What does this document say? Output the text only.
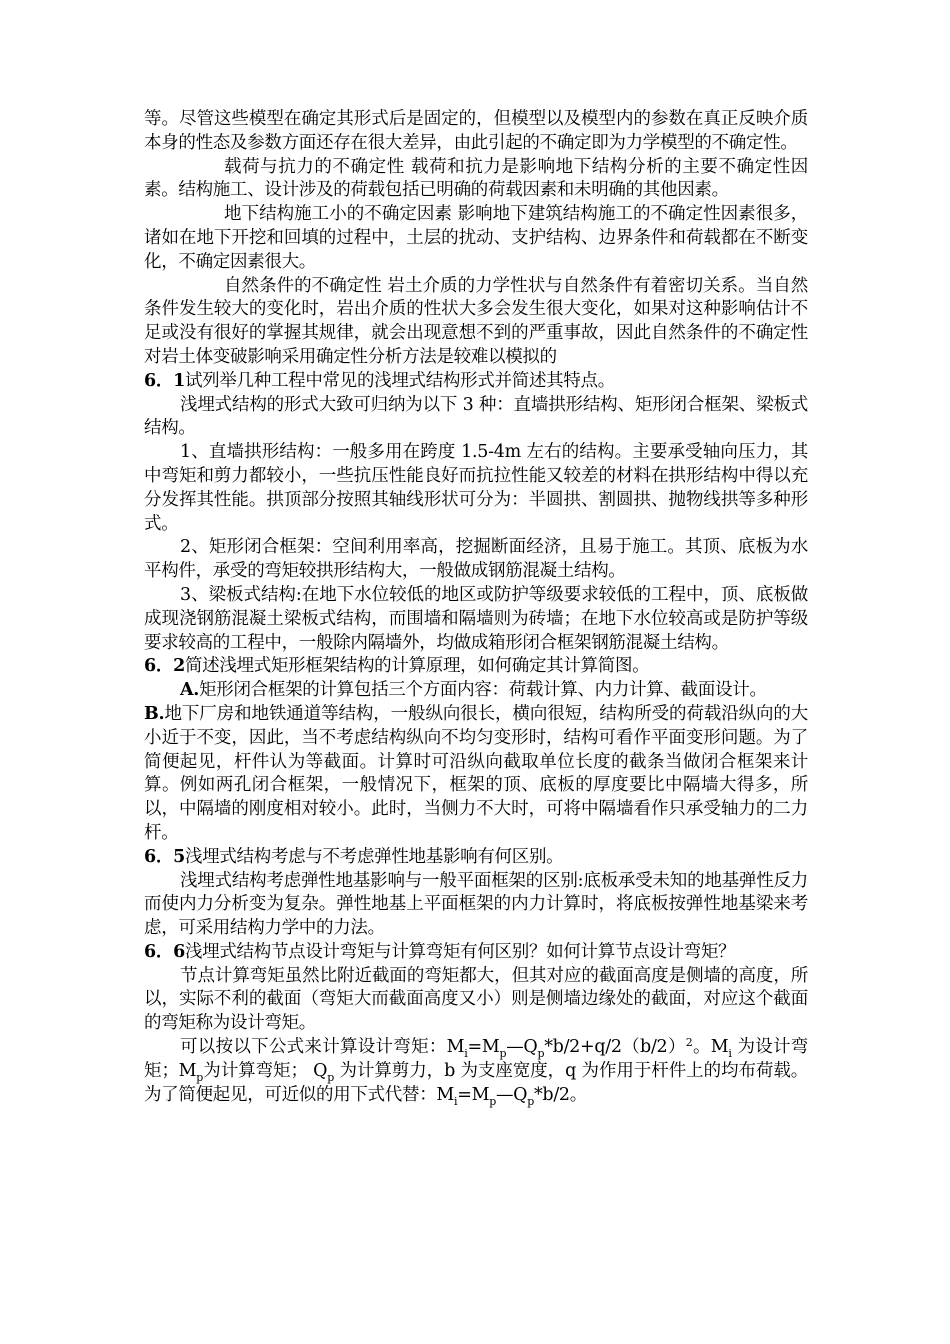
等。尽管这些模型在确定其形式后是固定的，但模型以及模型内的参数在真正反映介质本身的性态及参数方面还存在很大差异，由此引起的不确定即为力学模型的不确定性。

载荷与抗力的不确定性 载荷和抗力是影响地下结构分析的主要不确定性因素。结构施工、设计涉及的荷载包括已明确的荷载因素和未明确的其他因素。

地下结构施工小的不确定因素 影响地下建筑结构施工的不确定性因素很多，诸如在地下开挖和回填的过程中，土层的扰动、支护结构、边界条件和荷载都在不断变化，不确定因素很大。

自然条件的不确定性 岩土介质的力学性状与自然条件有着密切关系。当自然条件发生较大的变化时，岩出介质的性状大多会发生很大变化，如果对这种影响估计不足或没有很好的掌握其规律，就会出现意想不到的严重事故，因此自然条件的不确定性对岩土体变破影响采用确定性分析方法是较难以模拟的

6．1试列举几种工程中常见的浅埋式结构形式并简述其特点。

浅埋式结构的形式大致可归纳为以下 3 种：直墙拱形结构、矩形闭合框架、梁板式结构。

1、直墙拱形结构：一般多用在跨度 1.5-4m 左右的结构。主要承受轴向压力，其中弯矩和剪力都较小，一些抗压性能良好而抗拉性能又较差的材料在拱形结构中得以充分发挥其性能。拱顶部分按照其轴线形状可分为：半圆拱、割圆拱、抛物线拱等多种形式。

2、矩形闭合框架：空间利用率高，挖掘断面经济，且易于施工。其顶、底板为水平构件，承受的弯矩较拱形结构大，一般做成钢筋混凝土结构。

3、梁板式结构:在地下水位较低的地区或防护等级要求较低的工程中，顶、底板做成现浇钢筋混凝土梁板式结构，而围墙和隔墙则为砖墙；在地下水位较高或是防护等级要求较高的工程中，一般除内隔墙外，均做成箱形闭合框架钢筋混凝土结构。

6．2简述浅埋式矩形框架结构的计算原理，如何确定其计算简图。

A.矩形闭合框架的计算包括三个方面内容：荷载计算、内力计算、截面设计。

B.地下厂房和地铁通道等结构，一般纵向很长，横向很短，结构所受的荷载沿纵向的大小近于不变，因此，当不考虑结构纵向不均匀变形时，结构可看作平面变形问题。为了简便起见，杆件认为等截面。计算时可沿纵向截取单位长度的截条当做闭合框架来计算。例如两孔闭合框架，一般情况下，框架的顶、底板的厚度要比中隔墙大得多，所以，中隔墙的刚度相对较小。此时，当侧力不大时，可将中隔墙看作只承受轴力的二力杆。

6．5浅埋式结构考虑与不考虑弹性地基影响有何区别。

浅埋式结构考虑弹性地基影响与一般平面框架的区别:底板承受未知的地基弹性反力而使内力分析变为复杂。弹性地基上平面框架的内力计算时，将底板按弹性地基梁来考虑，可采用结构力学中的力法。

6．6浅埋式结构节点设计弯矩与计算弯矩有何区别？如何计算节点设计弯矩？

节点计算弯矩虽然比附近截面的弯矩都大，但其对应的截面高度是侧墙的高度，所以，实际不利的截面（弯矩大而截面高度又小）则是侧墙边缘处的截面，对应这个截面的弯矩称为设计弯矩。

可以按以下公式来计算设计弯矩：$M_i=M_p—Q_p*b/2+q/2(b/2)^2$。$M_i$ 为设计弯矩；$M_p$为计算弯矩； $Q_p$ 为计算剪力，b 为支座宽度，q 为作用于杆件上的均布荷载。为了简便起见，可近似的用下式代替：$M_i=M_p—Q_p*b/2$。
